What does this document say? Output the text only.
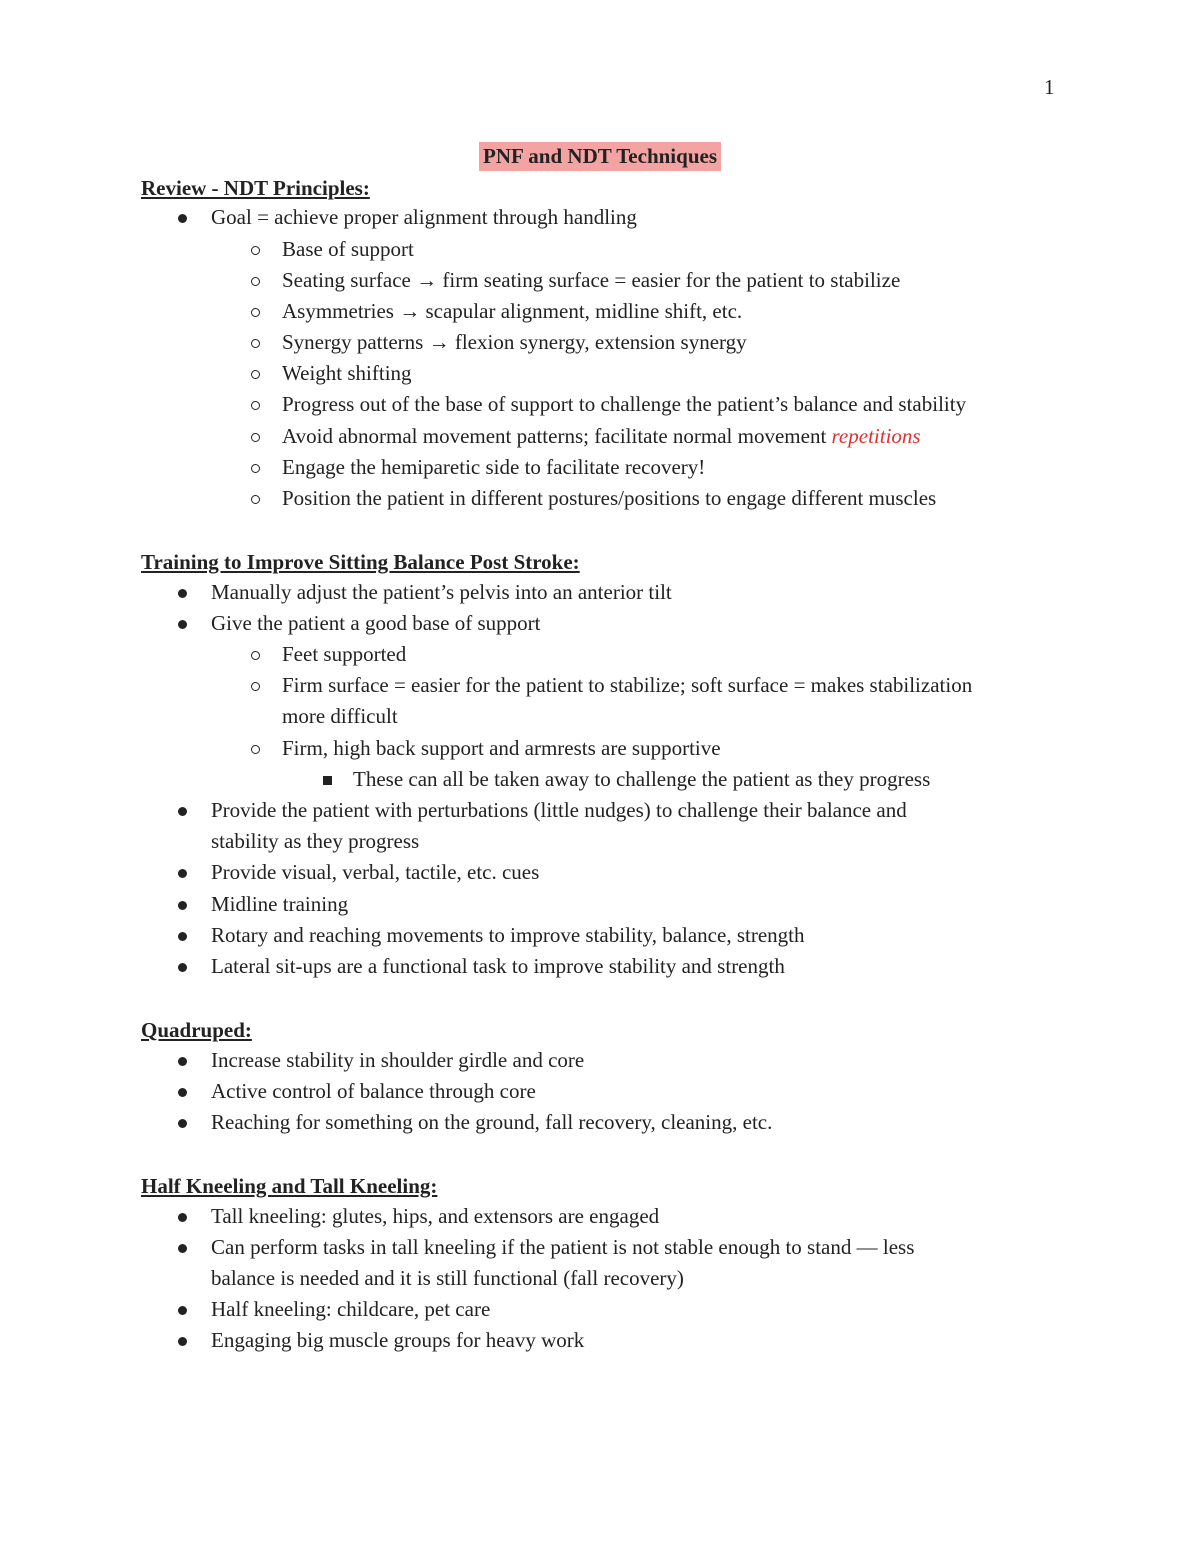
1
PNF and NDT Techniques
Review - NDT Principles:
Goal = achieve proper alignment through handling
Base of support
Seating surface → firm seating surface = easier for the patient to stabilize
Asymmetries → scapular alignment, midline shift, etc.
Synergy patterns → flexion synergy, extension synergy
Weight shifting
Progress out of the base of support to challenge the patient’s balance and stability
Avoid abnormal movement patterns; facilitate normal movement repetitions
Engage the hemiparetic side to facilitate recovery!
Position the patient in different postures/positions to engage different muscles
Training to Improve Sitting Balance Post Stroke:
Manually adjust the patient’s pelvis into an anterior tilt
Give the patient a good base of support
Feet supported
Firm surface = easier for the patient to stabilize; soft surface = makes stabilization
more difficult
Firm, high back support and armrests are supportive
These can all be taken away to challenge the patient as they progress
Provide the patient with perturbations (little nudges) to challenge their balance and
stability as they progress
Provide visual, verbal, tactile, etc. cues
Midline training
Rotary and reaching movements to improve stability, balance, strength
Lateral sit-ups are a functional task to improve stability and strength
Quadruped:
Increase stability in shoulder girdle and core
Active control of balance through core
Reaching for something on the ground, fall recovery, cleaning, etc.
Half Kneeling and Tall Kneeling:
Tall kneeling: glutes, hips, and extensors are engaged
Can perform tasks in tall kneeling if the patient is not stable enough to stand — less
balance is needed and it is still functional (fall recovery)
Half kneeling: childcare, pet care
Engaging big muscle groups for heavy work
